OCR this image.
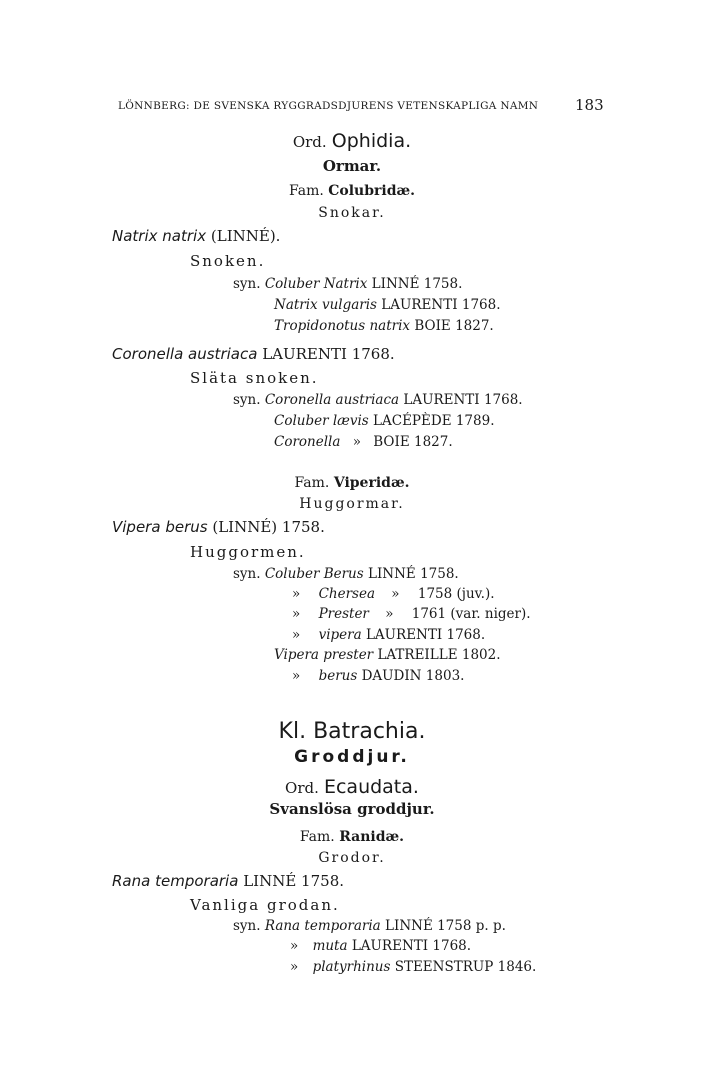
LÖNNBERG: DE SVENSKA RYGGRADSDJURENS VETENSKAPLIGA NAMN 183
Ord. Ophidia.
Ormar.
Fam. Colubridæ.
Snokar.
Natrix natrix (LINNÉ).
Snoken.
syn. Coluber Natrix LINNÉ 1758.
Natrix vulgaris LAURENTI 1768.
Tropidonotus natrix BOIE 1827.
Coronella austriaca LAURENTI 1768.
Släta snoken.
syn. Coronella austriaca LAURENTI 1768.
Coluber lævis LACÉPÈDE 1789.
Coronella » BOIE 1827.
Fam. Viperidæ.
Huggormar.
Vipera berus (LINNÉ) 1758.
Huggormen.
syn. Coluber Berus LINNÉ 1758.
» Chersea » 1758 (juv.).
» Prester » 1761 (var. niger).
» vipera LAURENTI 1768.
Vipera prester LATREILLE 1802.
» berus DAUDIN 1803.
Kl. Batrachia.
Groddjur.
Ord. Ecaudata.
Svanslösa groddjur.
Fam. Ranidæ.
Grodor.
Rana temporaria LINNÉ 1758.
Vanliga grodan.
syn. Rana temporaria LINNÉ 1758 p. p.
» muta LAURENTI 1768.
» platyrhinus STEENSTRUP 1846.
